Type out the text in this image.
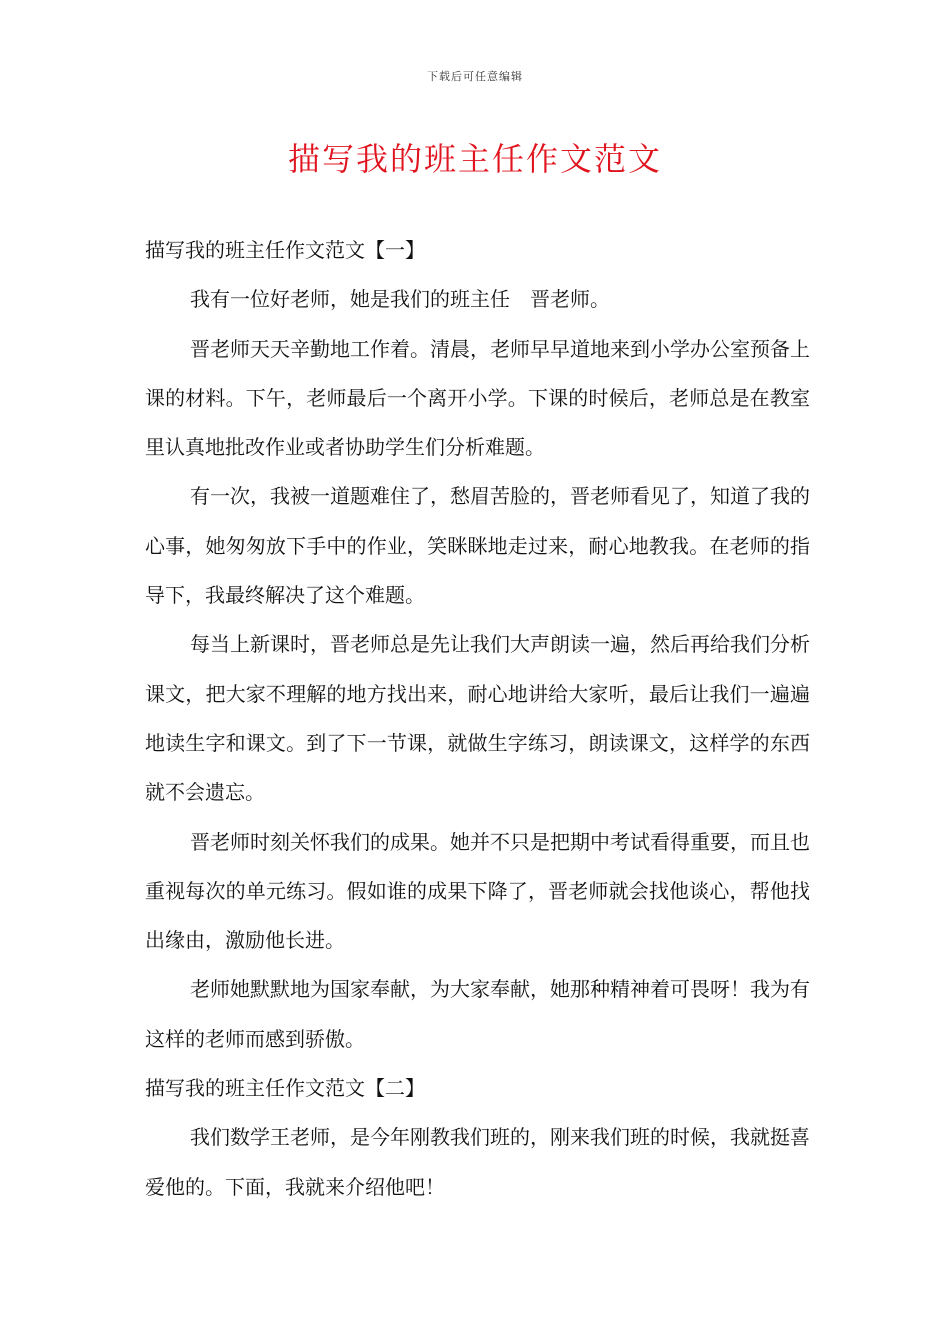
下载后可任意编辑
描写我的班主任作文范文
描写我的班主任作文范文【一】

我有一位好老师，她是我们的班主任　晋老师。

晋老师天天辛勤地工作着。清晨，老师早早道地来到小学办公室预备上课的材料。下午，老师最后一个离开小学。下课的时候后，老师总是在教室里认真地批改作业或者协助学生们分析难题。

有一次，我被一道题难住了，愁眉苦脸的，晋老师看见了，知道了我的心事，她匆匆放下手中的作业，笑眯眯地走过来，耐心地教我。在老师的指导下，我最终解决了这个难题。

每当上新课时，晋老师总是先让我们大声朗读一遍，然后再给我们分析课文，把大家不理解的地方找出来，耐心地讲给大家听，最后让我们一遍遍地读生字和课文。到了下一节课，就做生字练习，朗读课文，这样学的东西就不会遗忘。

晋老师时刻关怀我们的成果。她并不只是把期中考试看得重要，而且也重视每次的单元练习。假如谁的成果下降了，晋老师就会找他谈心，帮他找出缘由，激励他长进。

老师她默默地为国家奉献，为大家奉献，她那种精神着可畏呀！我为有这样的老师而感到骄傲。

描写我的班主任作文范文【二】

我们数学王老师，是今年刚教我们班的，刚来我们班的时候，我就挺喜爱他的。下面，我就来介绍他吧！
